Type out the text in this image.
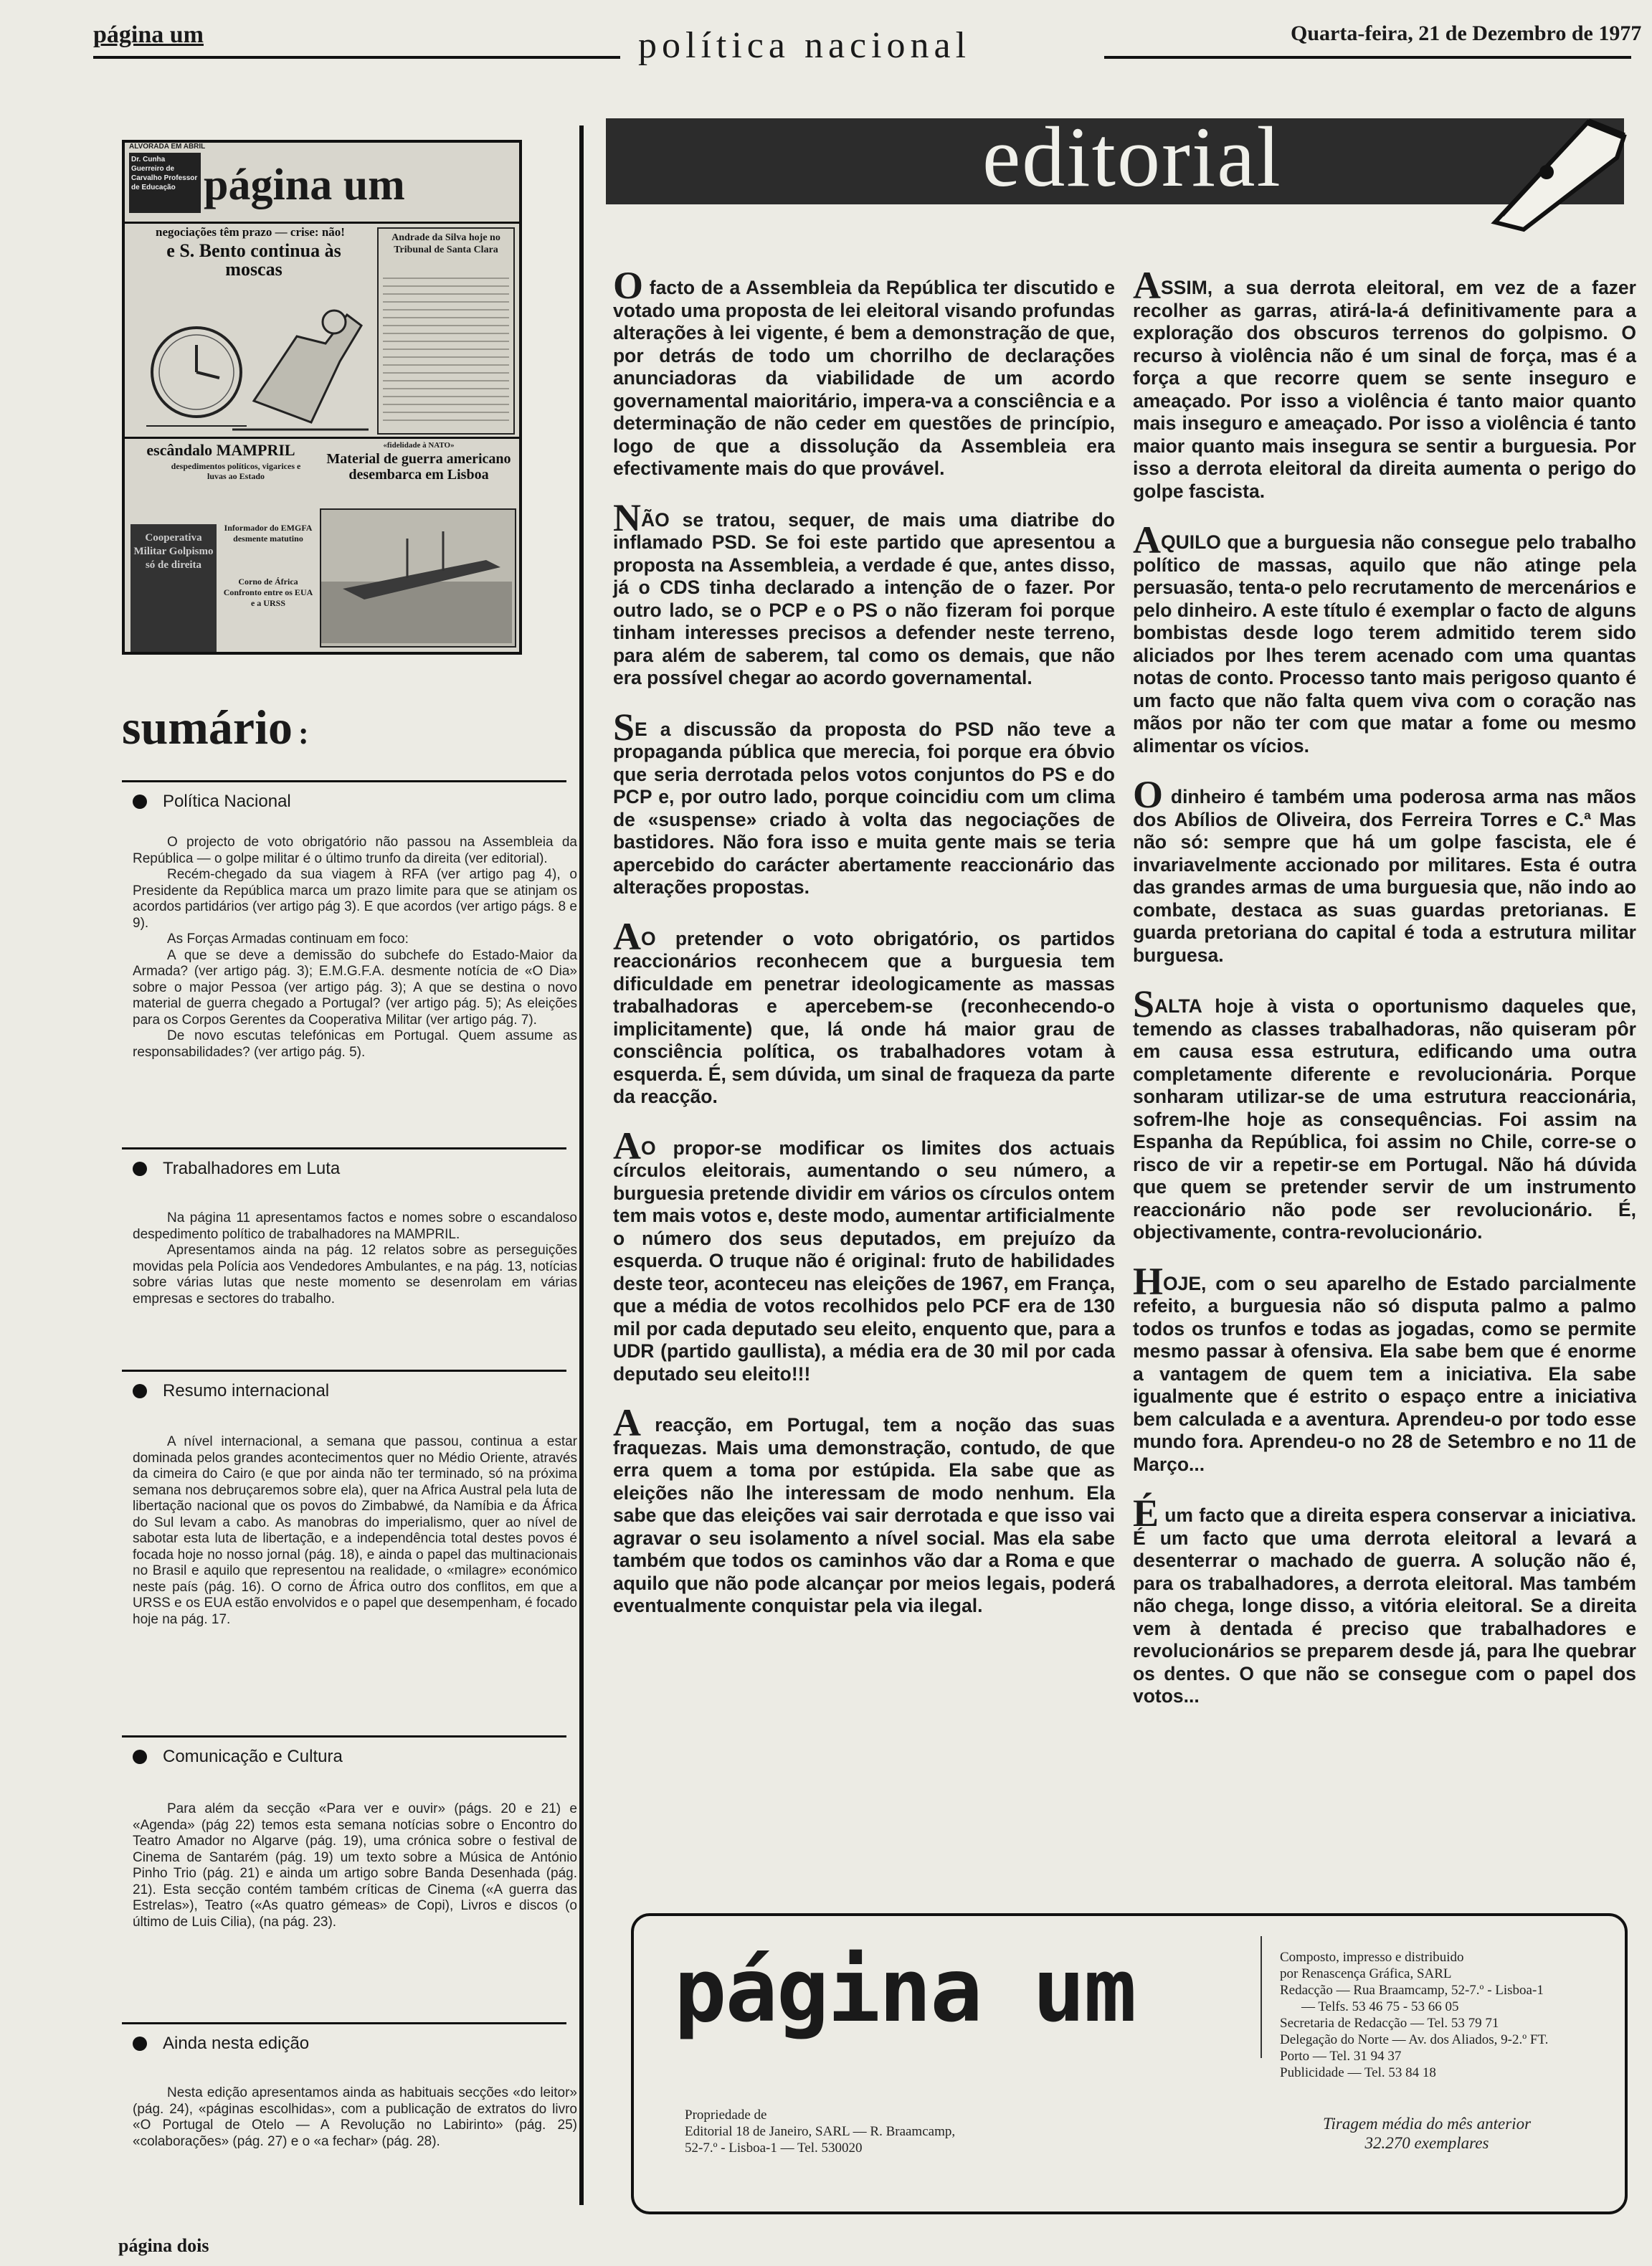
página um	política nacional	Quarta-feira, 21 de Dezembro de 1977
ALVORADA EM ABRIL
Dr. Cunha Guerreiro de Carvalho Professor de Educação página um
negociações têm prazo — crise: não!
e S. Bento continua às moscas
Andrade da Silva hoje no Tribunal de Santa Clara
escândalo MAMPRIL
despedimentos políticos, vigarices e luvas ao Estado
«fidelidade à NATO»
Material de guerra americano desembarca em Lisboa
Cooperativa Militar Golpismo só de direita
Informador do EMGFA desmente matutino
Corno de África Confronto entre os EUA e a URSS
sumário :
Política Nacional

O projecto de voto obrigatório não passou na Assembleia da República — o golpe militar é o último trunfo da direita (ver editorial).

Recém-chegado da sua viagem à RFA (ver artigo pag 4), o Presidente da República marca um prazo limite para que se atinjam os acordos partidários (ver artigo pág 3). E que acordos (ver artigo págs. 8 e 9).

As Forças Armadas continuam em foco:

A que se deve a demissão do subchefe do Estado-Maior da Armada? (ver artigo pág. 3); E.M.G.F.A. desmente notícia de «O Dia» sobre o major Pessoa (ver artigo pág. 3); A que se destina o novo material de guerra chegado a Portugal? (ver artigo pág. 5); As eleições para os Corpos Gerentes da Cooperativa Militar (ver artigo pág. 7).

De novo escutas telefónicas em Portugal. Quem assume as responsabilidades? (ver artigo pág. 5).

Trabalhadores em Luta

Na página 11 apresentamos factos e nomes sobre o escandaloso despedimento político de trabalhadores na MAMPRIL.

Apresentamos ainda na pág. 12 relatos sobre as perseguições movidas pela Polícia aos Vendedores Ambulantes, e na pág. 13, notícias sobre várias lutas que neste momento se desenrolam em várias empresas e sectores do trabalho.

Resumo internacional

A nível internacional, a semana que passou, continua a estar dominada pelos grandes acontecimentos quer no Médio Oriente, através da cimeira do Cairo (e que por ainda não ter terminado, só na próxima semana nos debruçaremos sobre ela), quer na Africa Austral pela luta de libertação nacional que os povos do Zimbabwé, da Namíbia e da África do Sul levam a cabo. As manobras do imperialismo, quer ao nível de sabotar esta luta de libertação, e a independência total destes povos é focada hoje no nosso jornal (pág. 18), e ainda o papel das multinacionais no Brasil e aquilo que representou na realidade, o «milagre» económico neste país (pág. 16). O corno de África outro dos conflitos, em que a URSS e os EUA estão envolvidos e o papel que desempenham, é focado hoje na pág. 17.

Comunicação e Cultura

Para além da secção «Para ver e ouvir» (págs. 20 e 21) e «Agenda» (pág 22) temos esta semana notícias sobre o Encontro do Teatro Amador no Algarve (pág. 19), uma crónica sobre o festival de Cinema de Santarém (pág. 19) um texto sobre a Música de António Pinho Trio (pág. 21) e ainda um artigo sobre Banda Desenhada (pág. 21). Esta secção contém também críticas de Cinema («A guerra das Estrelas»), Teatro («As quatro gémeas» de Copi), Livros e discos (o último de Luis Cilia), (na pág. 23).

Ainda nesta edição

Nesta edição apresentamos ainda as habituais secções «do leitor» (pág. 24), «páginas escolhidas», com a publicação de extratos do livro «O Portugal de Otelo — A Revolução no Labirinto» (pág. 25) «colaborações» (pág. 27) e o «a fechar» (pág. 28).

página dois
editorial

O facto de a Assembleia da República ter discutido e votado uma proposta de lei eleitoral visando profundas alterações à lei vigente, é bem a demonstração de que, por detrás de todo um chorrilho de declarações anunciadoras da viabilidade de um acordo governamental maioritário, impera-va a consciência e a determinação de não ceder em questões de princípio, logo de que a dissolução da Assembleia era efectivamente mais do que provável.

NÃO se tratou, sequer, de mais uma diatribe do inflamado PSD. Se foi este partido que apresentou a proposta na Assembleia, a verdade é que, antes disso, já o CDS tinha declarado a intenção de o fazer. Por outro lado, se o PCP e o PS o não fizeram foi porque tinham interesses precisos a defender neste terreno, para além de saberem, tal como os demais, que não era possível chegar ao acordo governamental.

SE a discussão da proposta do PSD não teve a propaganda pública que merecia, foi porque era óbvio que seria derrotada pelos votos conjuntos do PS e do PCP e, por outro lado, porque coincidiu com um clima de «suspense» criado à volta das negociações de bastidores. Não fora isso e muita gente mais se teria apercebido do carácter abertamente reaccionário das alterações propostas.

AO pretender o voto obrigatório, os partidos reaccionários reconhecem que a burguesia tem dificuldade em penetrar ideologicamente as massas trabalhadoras e apercebem-se (reconhecendo-o implicitamente) que, lá onde há maior grau de consciência política, os trabalhadores votam à esquerda. É, sem dúvida, um sinal de fraqueza da parte da reacção.

AO propor-se modificar os limites dos actuais círculos eleitorais, aumentando o seu número, a burguesia pretende dividir em vários os círculos ontem tem mais votos e, deste modo, aumentar artificialmente o número dos seus deputados, em prejuízo da esquerda. O truque não é original: fruto de habilidades deste teor, aconteceu nas eleições de 1967, em França, que a média de votos recolhidos pelo PCF era de 130 mil por cada deputado seu eleito, enquento que, para a UDR (partido gaullista), a média era de 30 mil por cada deputado seu eleito!!!

A reacção, em Portugal, tem a noção das suas fraquezas. Mais uma demonstração, contudo, de que erra quem a toma por estúpida. Ela sabe que as eleições não lhe interessam de modo nenhum. Ela sabe que das eleições vai sair derrotada e que isso vai agravar o seu isolamento a nível social. Mas ela sabe também que todos os caminhos vão dar a Roma e que aquilo que não pode alcançar por meios legais, poderá eventualmente conquistar pela via ilegal.

ASSIM, a sua derrota eleitoral, em vez de a fazer recolher as garras, atirá-la-á definitivamente para a exploração dos obscuros terrenos do golpismo. O recurso à violência não é um sinal de força, mas é a força a que recorre quem se sente inseguro e ameaçado. Por isso a violência é tanto maior quanto mais inseguro e ameaçado. Por isso a violência é tanto maior quanto mais insegura se sentir a burguesia. Por isso a derrota eleitoral da direita aumenta o perigo do golpe fascista.

AQUILO que a burguesia não consegue pelo trabalho político de massas, aquilo que não atinge pela persuasão, tenta-o pelo recrutamento de mercenários e pelo dinheiro. A este título é exemplar o facto de alguns bombistas desde logo terem admitido terem sido aliciados por lhes terem acenado com uma quantas notas de conto. Processo tanto mais perigoso quanto é um facto que não falta quem viva com o coração nas mãos por não ter com que matar a fome ou mesmo alimentar os vícios.

O dinheiro é também uma poderosa arma nas mãos dos Abílios de Oliveira, dos Ferreira Torres e C.ª Mas não só: sempre que há um golpe fascista, ele é invariavelmente accionado por militares. Esta é outra das grandes armas de uma burguesia que, não indo ao combate, destaca as suas guardas pretorianas. E guarda pretoriana do capital é toda a estrutura militar burguesa.

SALTA hoje à vista o oportunismo daqueles que, temendo as classes trabalhadoras, não quiseram pôr em causa essa estrutura, edificando uma outra completamente diferente e revolucionária. Porque sonharam utilizar-se de uma estrutura reaccionária, sofrem-lhe hoje as consequências. Foi assim na Espanha da República, foi assim no Chile, corre-se o risco de vir a repetir-se em Portugal. Não há dúvida que quem se pretender servir de um instrumento reaccionário não pode ser revolucionário. É, objectivamente, contra-revolucionário.

HOJE, com o seu aparelho de Estado parcialmente refeito, a burguesia não só disputa palmo a palmo todos os trunfos e todas as jogadas, como se permite mesmo passar à ofensiva. Ela sabe bem que é enorme a vantagem de quem tem a iniciativa. Ela sabe igualmente que é estrito o espaço entre a iniciativa bem calculada e a aventura. Aprendeu-o por todo esse mundo fora. Aprendeu-o no 28 de Setembro e no 11 de Março...

É um facto que a direita espera conservar a iniciativa. É um facto que uma derrota eleitoral a levará a desenterrar o machado de guerra. A solução não é, para os trabalhadores, a derrota eleitoral. Mas também não chega, longe disso, a vitória eleitoral. Se a direita vem à dentada é preciso que trabalhadores e revolucionários se preparem desde já, para lhe quebrar os dentes. O que não se consegue com o papel dos votos...

página um	Composto, impresso e distribuido
por Renascença Gráfica, SARL
Redacção — Rua Braamcamp, 52-7.º - Lisboa-1
— Telfs. 53 46 75 - 53 66 05
Secretaria de Redacção — Tel. 53 79 71
Delegação do Norte — Av. dos Aliados, 9-2.º FT.
Porto — Tel. 31 94 37
Publicidade — Tel. 53 84 18
Propriedade de
Editorial 18 de Janeiro, SARL — R. Braamcamp,
52-7.º - Lisboa-1 — Tel. 530020
Tiragem média do mês anterior
32.270 exemplares
